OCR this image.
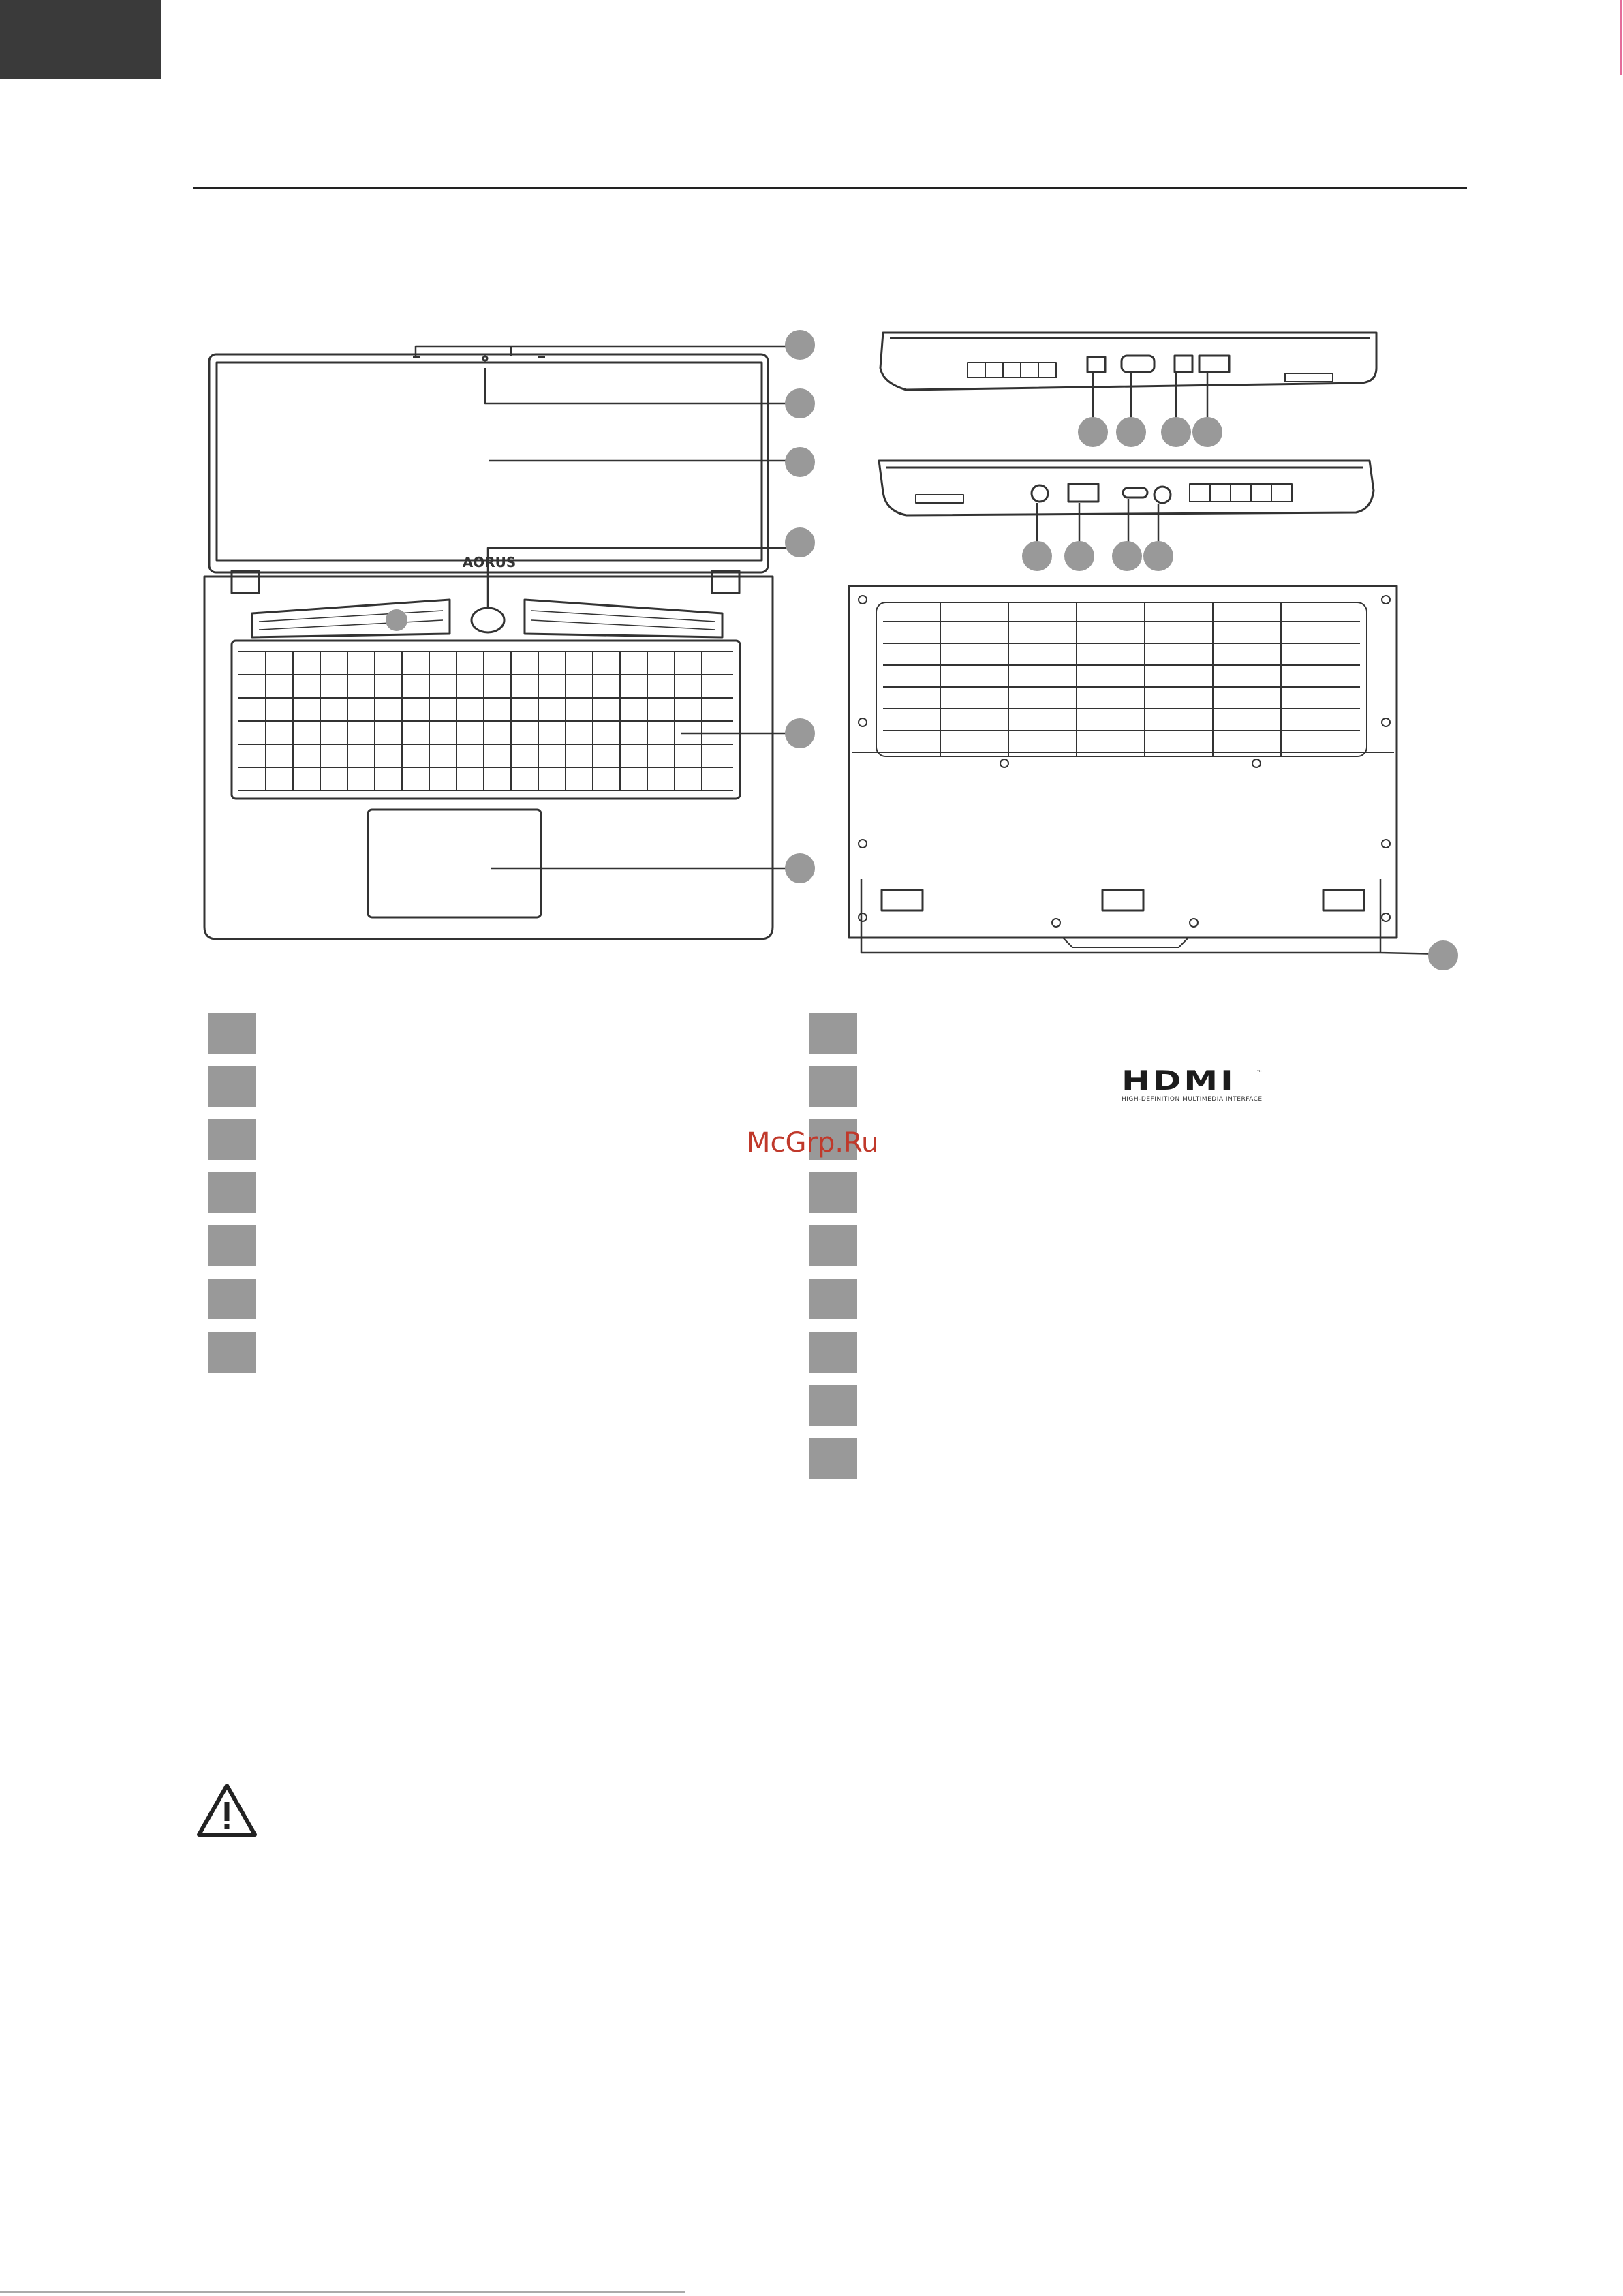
AORUS
HDMI
HIGH-DEFINITION MULTIMEDIA INTERFACE
™
McGrp.Ru
